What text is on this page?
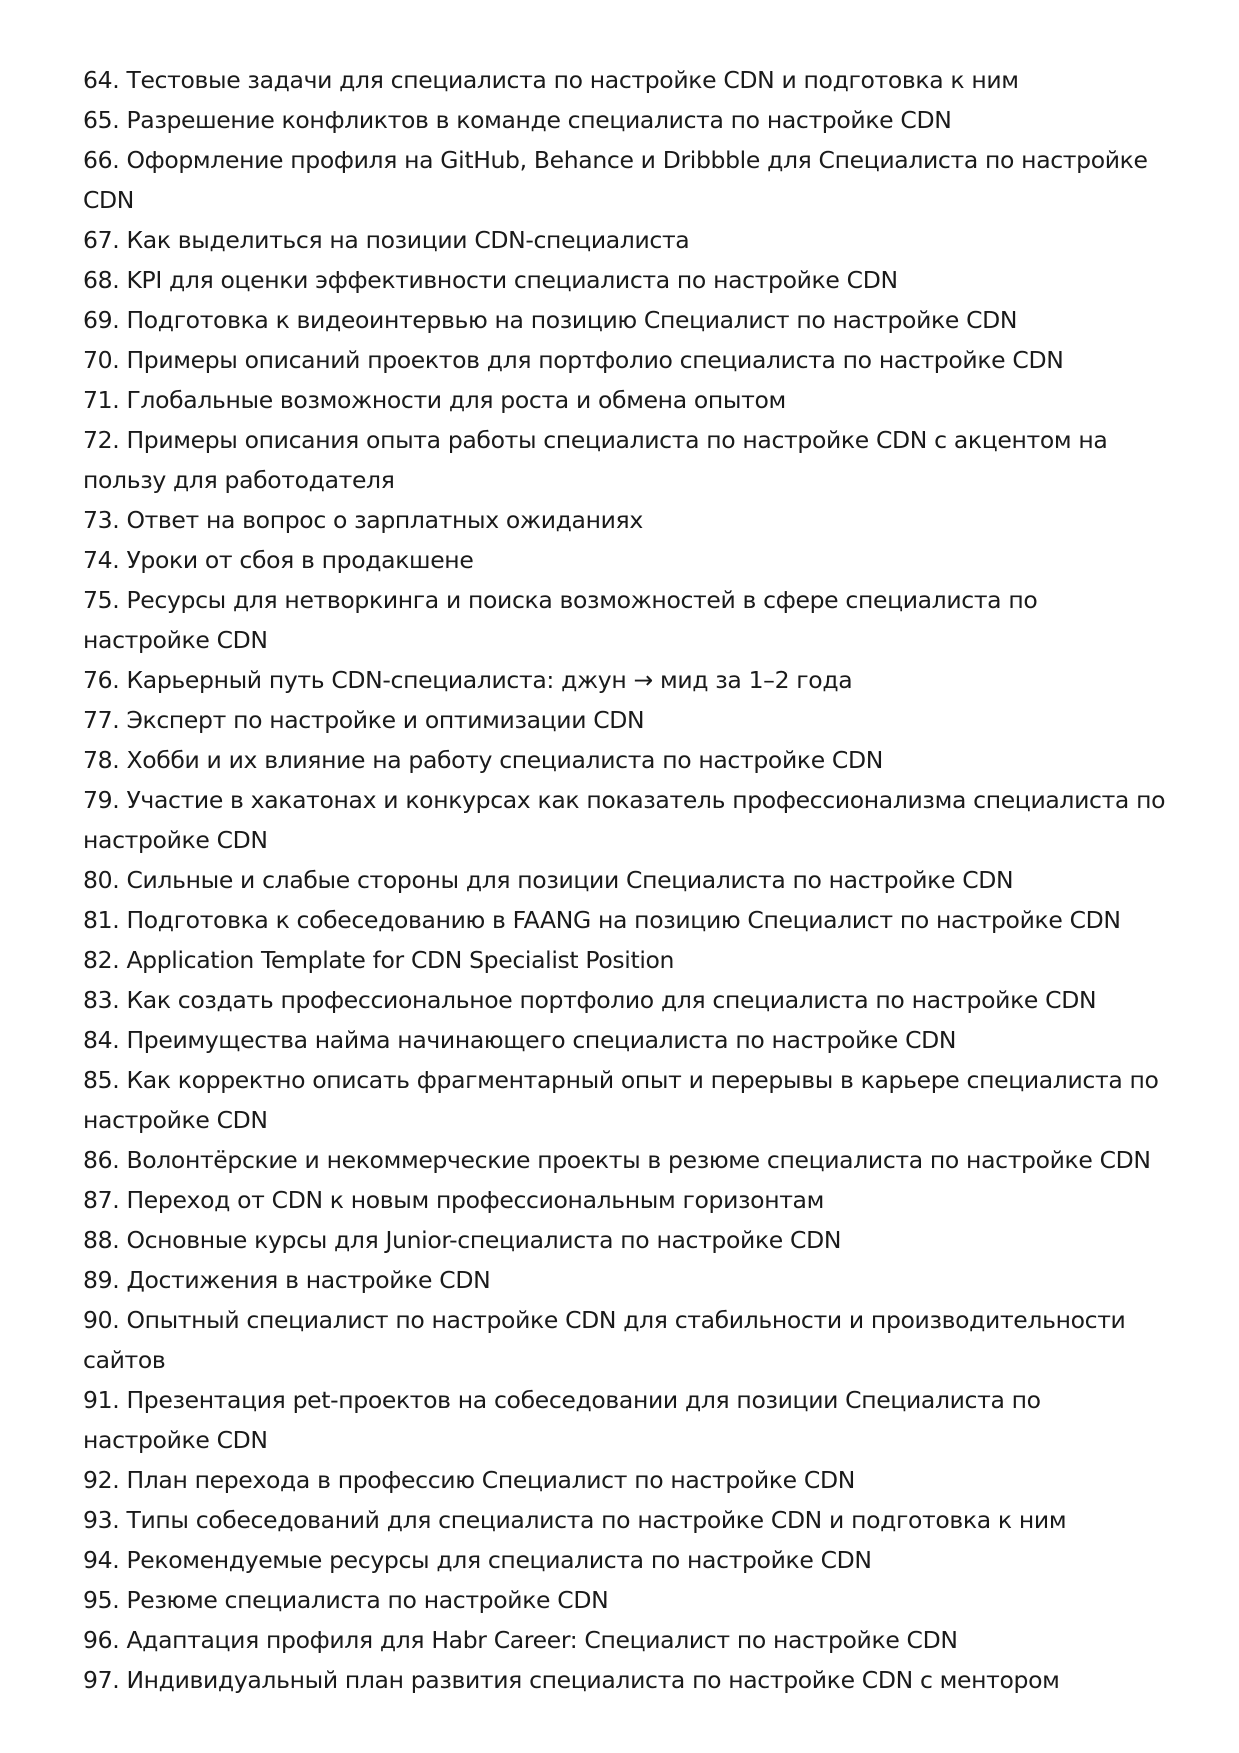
64. Тестовые задачи для специалиста по настройке CDN и подготовка к ним
65. Разрешение конфликтов в команде специалиста по настройке CDN
66. Оформление профиля на GitHub, Behance и Dribbble для Специалиста по настройке CDN
67. Как выделиться на позиции CDN-специалиста
68. KPI для оценки эффективности специалиста по настройке CDN
69. Подготовка к видеоинтервью на позицию Специалист по настройке CDN
70. Примеры описаний проектов для портфолио специалиста по настройке CDN
71. Глобальные возможности для роста и обмена опытом
72. Примеры описания опыта работы специалиста по настройке CDN с акцентом на пользу для работодателя
73. Ответ на вопрос о зарплатных ожиданиях
74. Уроки от сбоя в продакшене
75. Ресурсы для нетворкинга и поиска возможностей в сфере специалиста по настройке CDN
76. Карьерный путь CDN-специалиста: джун → мид за 1–2 года
77. Эксперт по настройке и оптимизации CDN
78. Хобби и их влияние на работу специалиста по настройке CDN
79. Участие в хакатонах и конкурсах как показатель профессионализма специалиста по настройке CDN
80. Сильные и слабые стороны для позиции Специалиста по настройке CDN
81. Подготовка к собеседованию в FAANG на позицию Специалист по настройке CDN
82. Application Template for CDN Specialist Position
83. Как создать профессиональное портфолио для специалиста по настройке CDN
84. Преимущества найма начинающего специалиста по настройке CDN
85. Как корректно описать фрагментарный опыт и перерывы в карьере специалиста по настройке CDN
86. Волонтёрские и некоммерческие проекты в резюме специалиста по настройке CDN
87. Переход от CDN к новым профессиональным горизонтам
88. Основные курсы для Junior-специалиста по настройке CDN
89. Достижения в настройке CDN
90. Опытный специалист по настройке CDN для стабильности и производительности сайтов
91. Презентация pet-проектов на собеседовании для позиции Специалиста по настройке CDN
92. План перехода в профессию Специалист по настройке CDN
93. Типы собеседований для специалиста по настройке CDN и подготовка к ним
94. Рекомендуемые ресурсы для специалиста по настройке CDN
95. Резюме специалиста по настройке CDN
96. Адаптация профиля для Habr Career: Специалист по настройке CDN
97. Индивидуальный план развития специалиста по настройке CDN с ментором
